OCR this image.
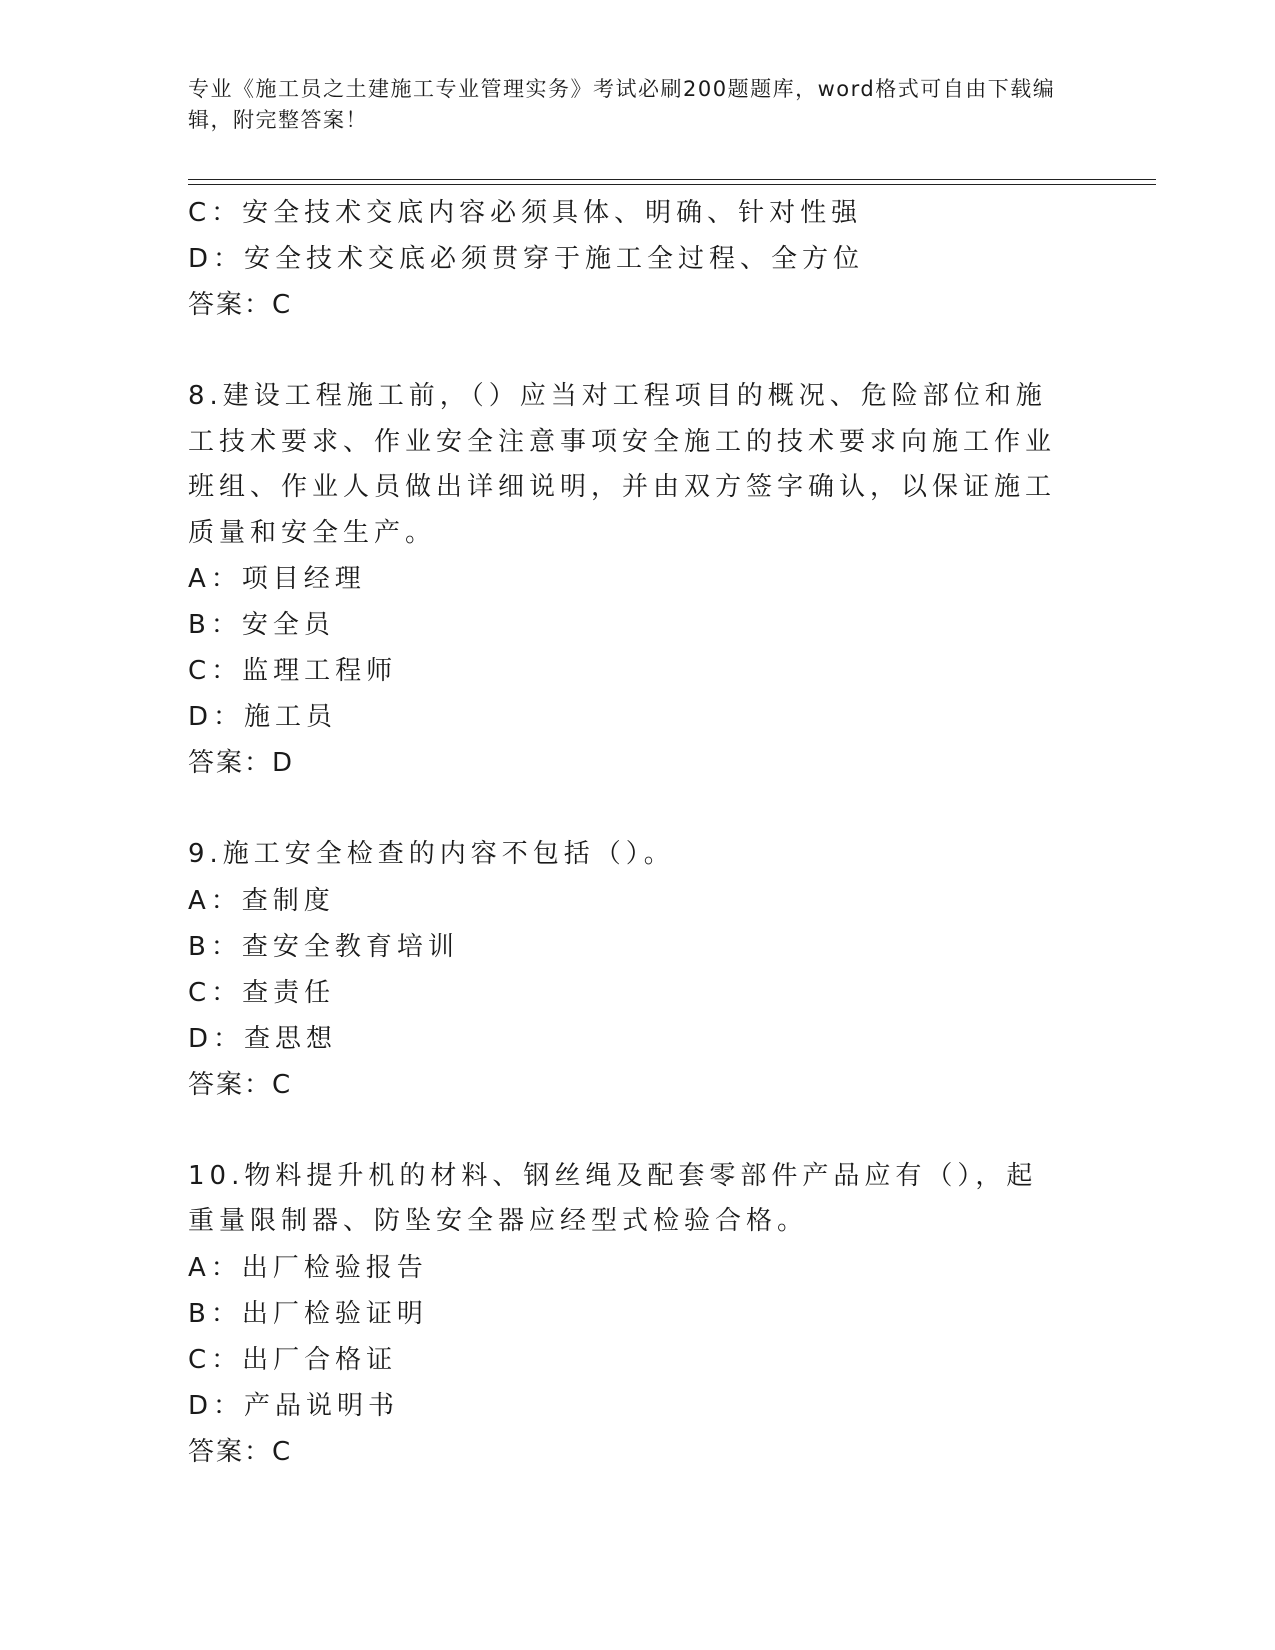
专业《施工员之土建施工专业管理实务》考试必刷200题题库，word格式可自由下载编辑，附完整答案！
C：安全技术交底内容必须具体、明确、针对性强
D：安全技术交底必须贯穿于施工全过程、全方位
答案：C
8.建设工程施工前，（）应当对工程项目的概况、危险部位和施工技术要求、作业安全注意事项安全施工的技术要求向施工作业班组、作业人员做出详细说明，并由双方签字确认，以保证施工质量和安全生产。
A：项目经理
B：安全员
C：监理工程师
D：施工员
答案：D
9.施工安全检查的内容不包括（）。
A：查制度
B：查安全教育培训
C：查责任
D：查思想
答案：C
10.物料提升机的材料、钢丝绳及配套零部件产品应有（），起重量限制器、防坠安全器应经型式检验合格。
A：出厂检验报告
B：出厂检验证明
C：出厂合格证
D：产品说明书
答案：C
